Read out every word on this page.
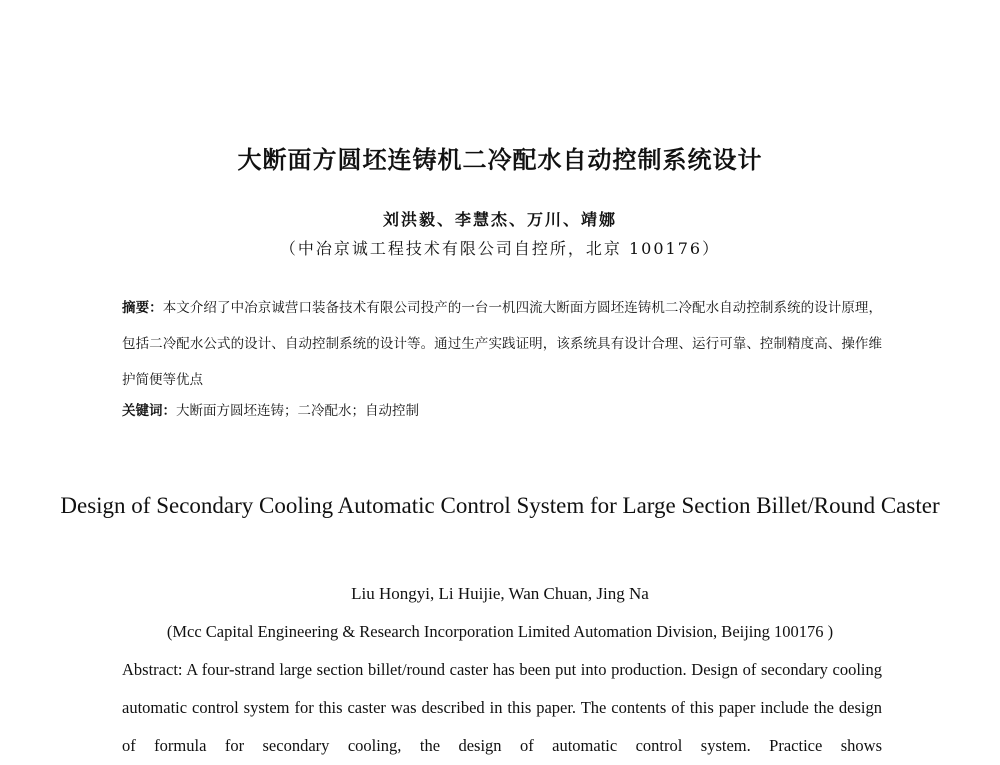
大断面方圆坯连铸机二冷配水自动控制系统设计
刘洪毅、李慧杰、万川、靖娜
（中冶京诚工程技术有限公司自控所，北京 100176）
摘要：本文介绍了中冶京诚营口装备技术有限公司投产的一台一机四流大断面方圆坯连铸机二冷配水自动控制系统的设计原理，包括二冷配水公式的设计、自动控制系统的设计等。通过生产实践证明，该系统具有设计合理、运行可靠、控制精度高、操作维护简便等优点
关键词：大断面方圆坯连铸；二冷配水；自动控制
Design of Secondary Cooling Automatic Control System for Large Section Billet/Round Caster
Liu Hongyi, Li Huijie, Wan Chuan, Jing Na
(Mcc Capital Engineering & Research Incorporation Limited Automation Division, Beijing 100176 )
Abstract: A four-strand large section billet/round caster has been put into production. Design of secondary cooling automatic control system for this caster was described in this paper. The contents of this paper include the design of formula for secondary cooling, the design of automatic control system. Practice shows
